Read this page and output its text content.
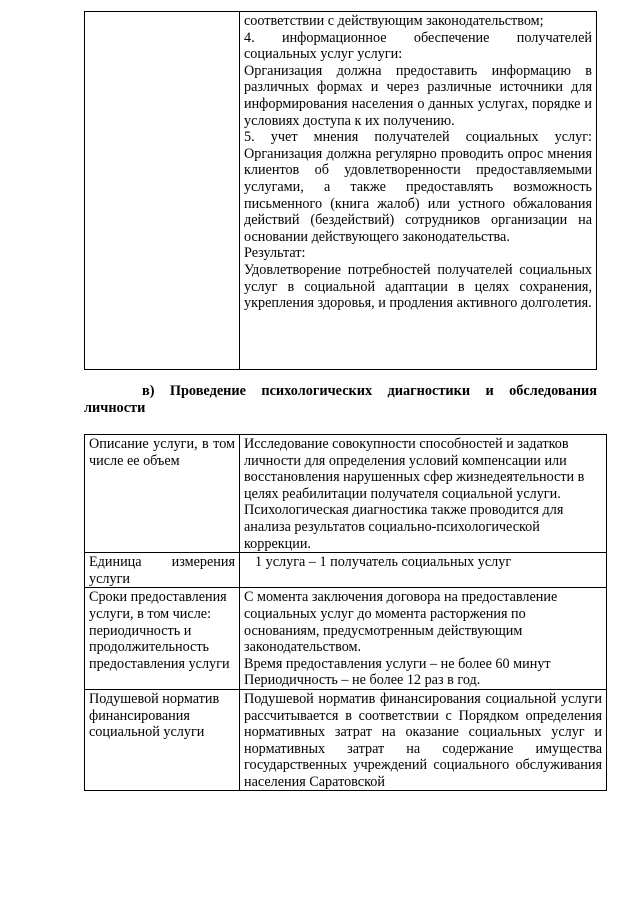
соответствии с действующим законодательством;
4. информационное обеспечение получателей социальных услуг услуги:
Организация должна предоставить информацию в различных формах и через различные источники для информирования населения о данных услугах, порядке и условиях доступа к их получению.
5. учет мнения получателей социальных услуг: Организация должна регулярно проводить опрос мнения клиентов об удовлетворенности предоставляемыми услугами, а также предоставлять возможность письменного (книга жалоб) или устного обжалования действий (бездействий) сотрудников организации на основании действующего законодательства.
Результат:
Удовлетворение потребностей получателей социальных услуг в социальной адаптации в целях сохранения, укрепления здоровья, и продления активного долголетия.
в) Проведение психологических диагностики и обследования личности
Описание услуги, в том числе ее объем	Исследование совокупности способностей и задатков личности для определения условий компенсации или восстановления нарушенных сфер жизнедеятельности в целях реабилитации получателя социальной услуги.
Психологическая диагностика также проводится для анализа результатов социально-психологической коррекции.

Единица измерения услуги	1 услуга – 1 получатель социальных услуг

Сроки предоставления услуги, в том числе: периодичность и продолжительность предоставления услуги	С момента заключения договора на предоставление социальных услуг до момента расторжения по основаниям, предусмотренным действующим законодательством.
Время предоставления услуги – не более 60 минут
Периодичность – не более 12 раз в год.

Подушевой норматив финансирования социальной услуги	Подушевой норматив финансирования социальной услуги рассчитывается в соответствии с Порядком определения нормативных затрат на оказание социальных услуг и нормативных затрат на содержание имущества государственных учреждений социального обслуживания населения Саратовской
